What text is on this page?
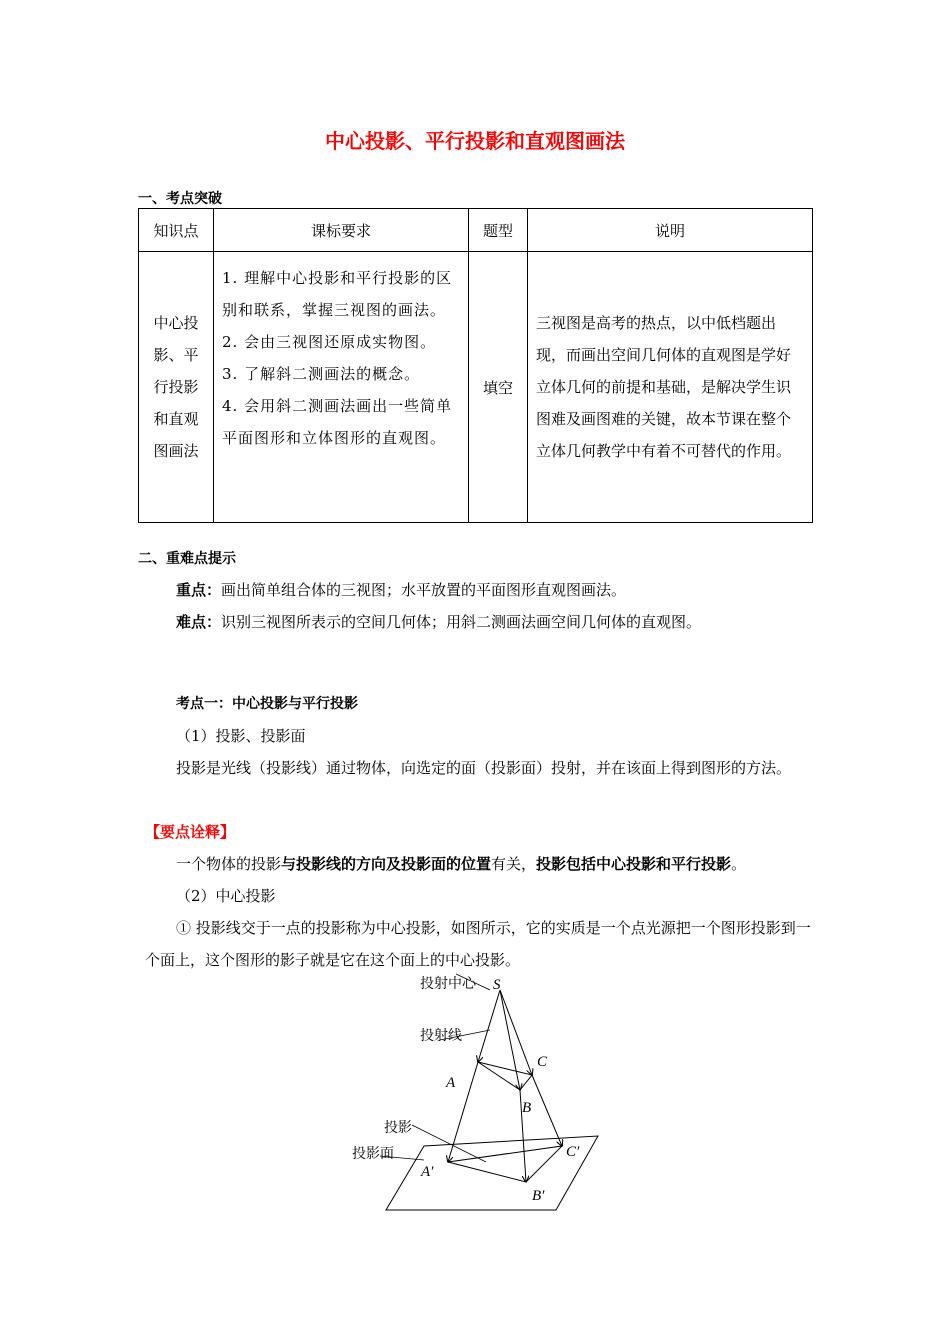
中心投影、平行投影和直观图画法
一、考点突破
知识点	课标要求	题型	说明
中心投影、平行投影和直观图画法	1. 理解中心投影和平行投影的区别和联系，掌握三视图的画法。
2. 会由三视图还原成实物图。
3. 了解斜二测画法的概念。
4. 会用斜二测画法画出一些简单平面图形和立体图形的直观图。	填空	三视图是高考的热点，以中低档题出现，而画出空间几何体的直观图是学好立体几何的前提和基础，是解决学生识图难及画图难的关键，故本节课在整个立体几何教学中有着不可替代的作用。
二、重难点提示
重点：画出简单组合体的三视图；水平放置的平面图形直观图画法。
难点：识别三视图所表示的空间几何体；用斜二测画法画空间几何体的直观图。
考点一：中心投影与平行投影
（1）投影、投影面
投影是光线（投影线）通过物体，向选定的面（投影面）投射，并在该面上得到图形的方法。
【要点诠释】
一个物体的投影与投影线的方向及投影面的位置有关，投影包括中心投影和平行投影。
（2）中心投影
① 投影线交于一点的投影称为中心投影，如图所示，它的实质是一个点光源把一个图形投影到一个面上，这个图形的影子就是它在这个面上的中心投影。
投射中心 S
投射线
投影
投影面
A
B
C
A′
B′
C′
